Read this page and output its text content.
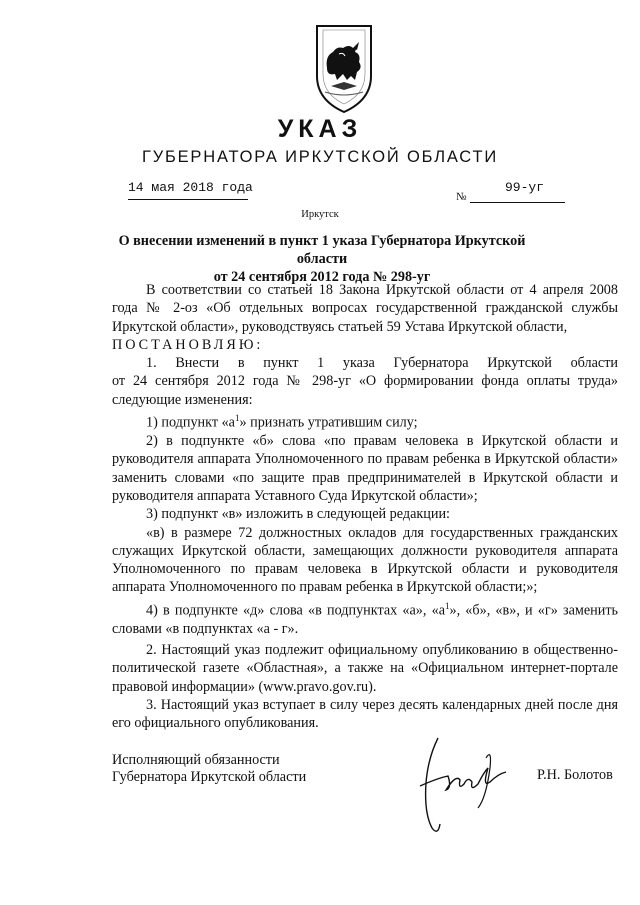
УКАЗ
ГУБЕРНАТОРА ИРКУТСКОЙ ОБЛАСТИ
14 мая 2018 года
№
99-уг
Иркутск
О внесении изменений в пункт 1 указа Губернатора Иркутской области
от 24 сентября 2012 года № 298-уг

В соответствии со статьей 18 Закона Иркутской области от 4 апреля 2008 года № 2-оз «Об отдельных вопросах государственной гражданской службы Иркутской области», руководствуясь статьей 59 Устава Иркутской области,

ПОСТАНОВЛЯЮ:

1. Внести в пункт 1 указа Губернатора Иркутской области

от 24 сентября 2012 года № 298-уг «О формировании фонда оплаты труда» следующие изменения:

1) подпункт «$а^1$» признать утратившим силу;

2) в подпункте «б» слова «по правам человека в Иркутской области и руководителя аппарата Уполномоченного по правам ребенка в Иркутской области» заменить словами «по защите прав предпринимателей в Иркутской области и руководителя аппарата Уставного Суда Иркутской области»;

3) подпункт «в» изложить в следующей редакции:

«в) в размере 72 должностных окладов для государственных гражданских служащих Иркутской области, замещающих должности руководителя аппарата Уполномоченного по правам человека в Иркутской области и руководителя аппарата Уполномоченного по правам ребенка в Иркутской области;»;

4) в подпункте «д» слова «в подпунктах «а», «$а^1$», «б», «в», и «г» заменить словами «в подпунктах «а - г».

2. Настоящий указ подлежит официальному опубликованию в общественно-политической газете «Областная», а также на «Официальном интернет-портале правовой информации» (www.pravo.gov.ru).

3. Настоящий указ вступает в силу через десять календарных дней после дня его официального опубликования.

Исполняющий обязанности
Губернатора Иркутской области	Р.Н. Болотов
